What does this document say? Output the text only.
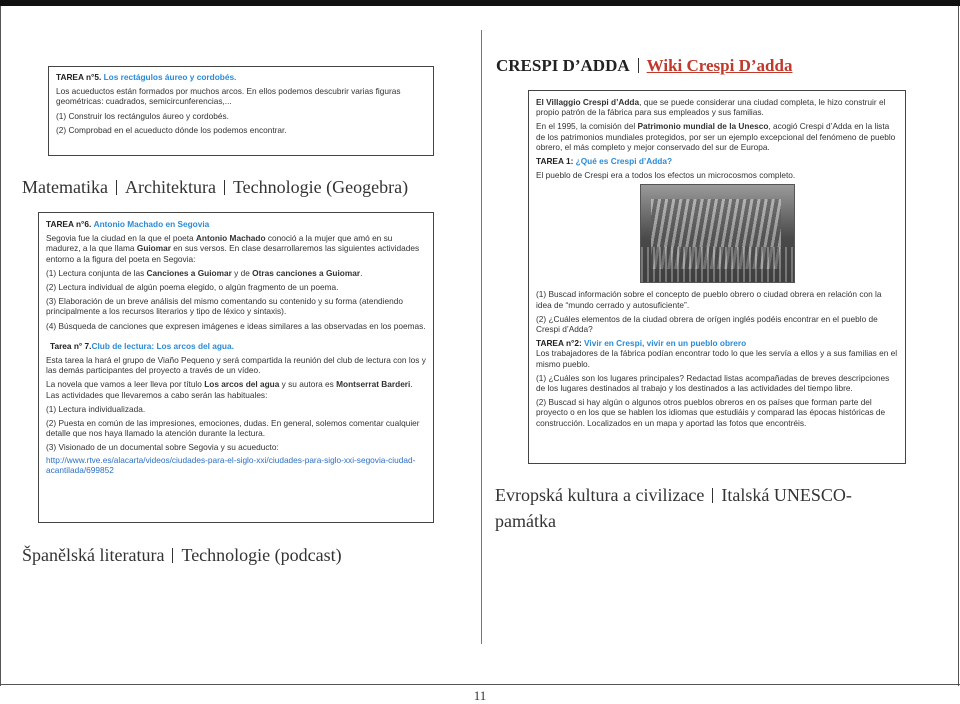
TAREA n°5. Los rectágulos áureo y cordobés.

Los acueductos están formados por muchos arcos. En ellos podemos descubrir varias figuras geométricas: cuadrados, semicircunferencias,...

(1) Construir los rectángulos áureo y cordobés.

(2) Comprobad en el acueducto dónde los podemos encontrar.

Matematika Architektura Technologie (Geogebra)

TAREA n°6. Antonio Machado en Segovia

Segovia fue la ciudad en la que el poeta Antonio Machado conoció a la mujer que amó en su madurez, a la que llama Guiomar en sus versos. En clase desarrollaremos las siguientes actividades entorno a la figura del poeta en Segovia:

(1) Lectura conjunta de las Canciones a Guiomar y de Otras canciones a Guiomar.

(2) Lectura individual de algún poema elegido, o algún fragmento de un poema.

(3) Elaboración de un breve análisis del mismo comentando su contenido y su forma (atendiendo principalmente a los recursos literarios y tipo de léxico y sintaxis).

(4) Búsqueda de canciones que expresen imágenes e ideas similares a las observadas en los poemas.

Tarea n° 7.Club de lectura: Los arcos del agua.

Esta tarea la hará el grupo de Viaño Pequeno y será compartida la reunión del club de lectura con los y las demás participantes del proyecto a través de un vídeo.

La novela que vamos a leer lleva por título Los arcos del agua y su autora es Montserrat Barderi. Las actividades que llevaremos a cabo serán las habituales:

(1) Lectura individualizada.

(2) Puesta en común de las impresiones, emociones, dudas. En general, solemos comentar cualquier detalle que nos haya llamado la atención durante la lectura.

(3) Visionado de un documental sobre Segovia y su acueducto:

http://www.rtve.es/alacarta/videos/ciudades-para-el-siglo-xxi/ciudades-para-siglo-xxi-segovia-ciudad-acantilada/699852

Španělská literatura Technologie (podcast)
CRESPI D’ADDA Wiki Crespi D’adda

El Villaggio Crespi d’Adda, que se puede considerar una ciudad completa, le hizo construir el propio patrón de la fábrica para sus empleados y sus familias.

En el 1995, la comisión del Patrimonio mundial de la Unesco, acogió Crespi d’Adda en la lista de los patrimonios mundiales protegidos, por ser un ejemplo excepcional del fenómeno de pueblo obrero, el más completo y mejor conservado del sur de Europa.

TAREA 1: ¿Qué es Crespi d’Adda?

El pueblo de Crespi era a todos los efectos un microcosmos completo.

(1) Buscad información sobre el concepto de pueblo obrero o ciudad obrera en relación con la idea de “mundo cerrado y autosuficiente”.

(2) ¿Cuáles elementos de la ciudad obrera de orígen inglés podéis encontrar en el pueblo de Crespi d’Adda?

TAREA n°2: Vivir en Crespi, vivir en un pueblo obrero

Los trabajadores de la fábrica podían encontrar todo lo que les servía a ellos y a sus familias en el mismo pueblo.

(1) ¿Cuáles son los lugares principales? Redactad listas acompañadas de breves descripciones de los lugares destinados al trabajo y los destinados a las actividades del tiempo libre.

(2) Buscad si hay algún o algunos otros pueblos obreros en os países que forman parte del proyecto o en los que se hablen los idiomas que estudiáis y comparad las épocas históricas de construcción. Localizados en un mapa y aportad las fotos que encontréis.

Evropská kultura a civilizace Italská UNESCO-
památka
11
